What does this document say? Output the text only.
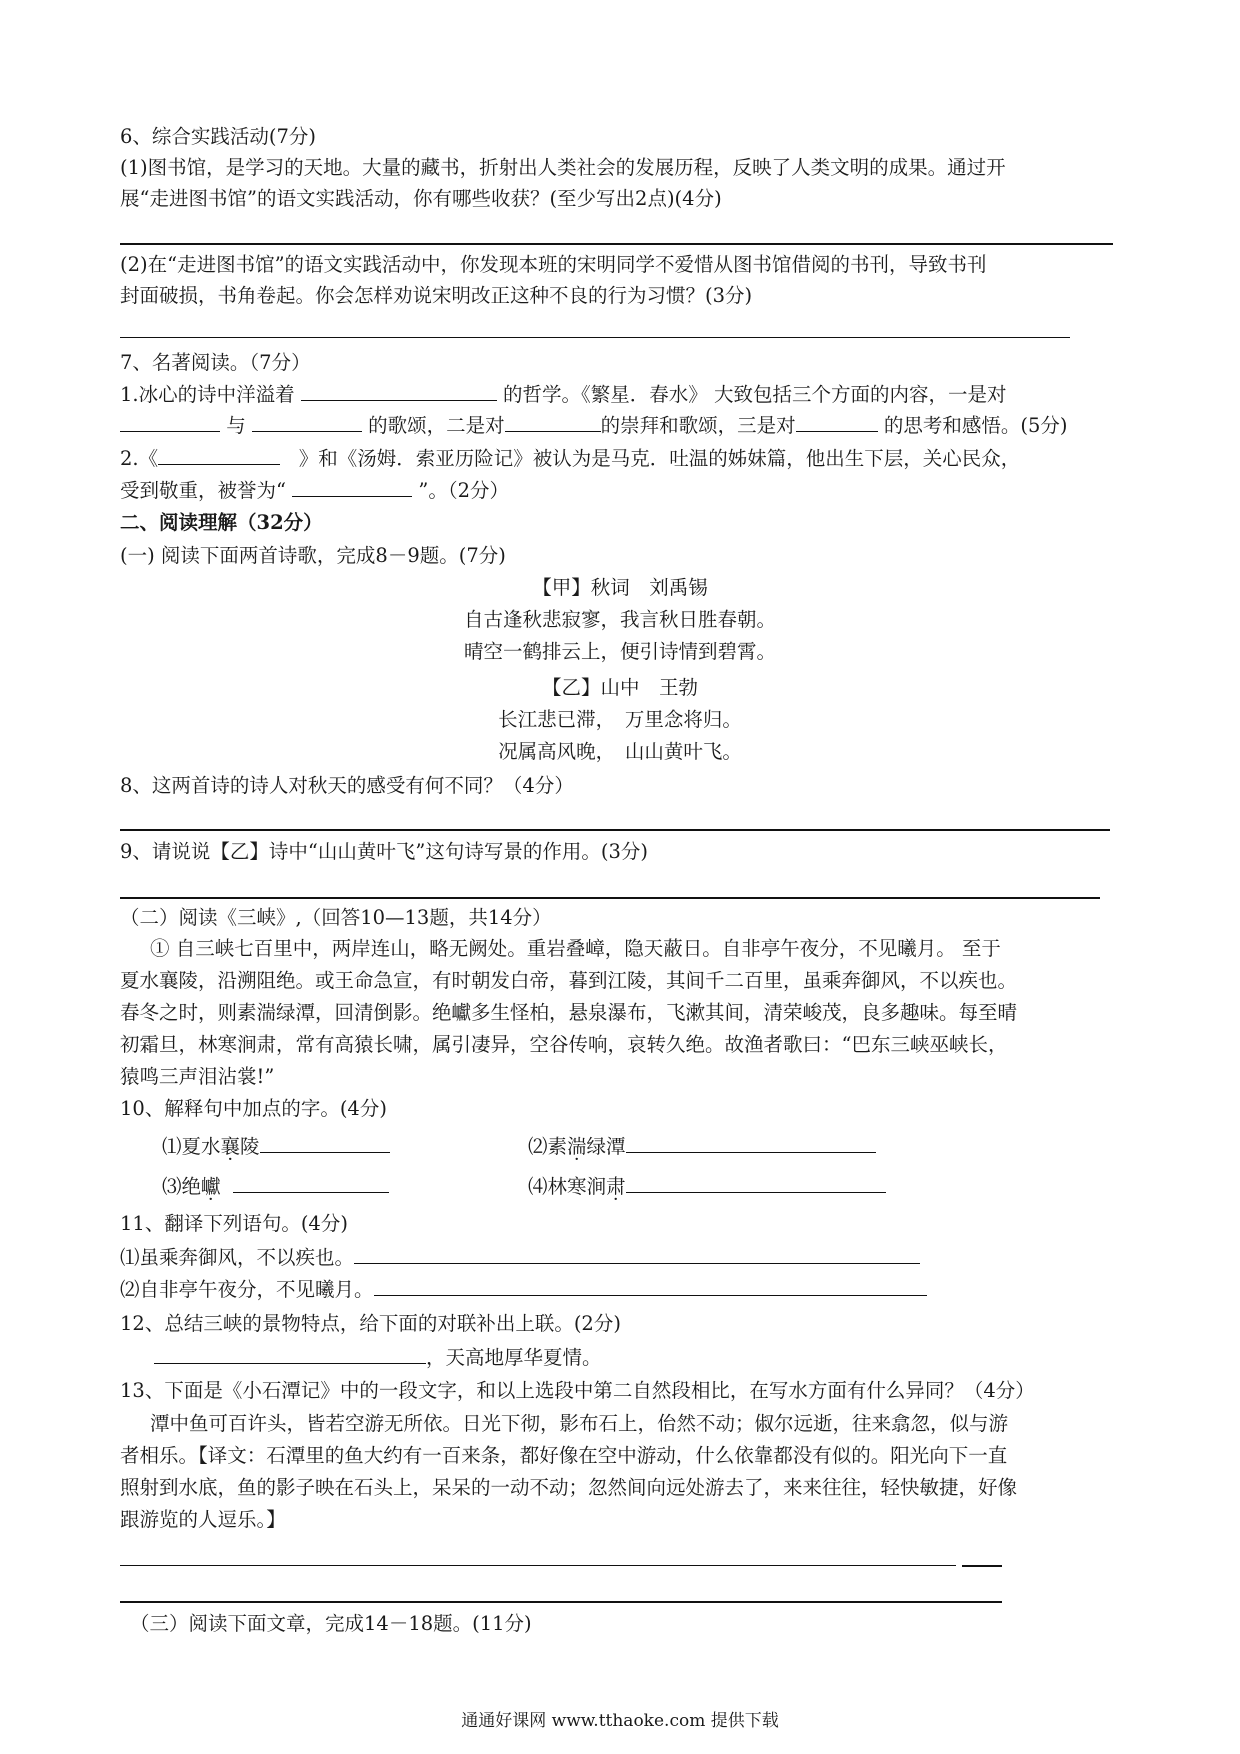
6、综合实践活动(7分)
(1)图书馆，是学习的天地。大量的藏书，折射出人类社会的发展历程，反映了人类文明的成果。通过开
展“走进图书馆”的语文实践活动，你有哪些收获？(至少写出2点)(4分)
(2)在“走进图书馆”的语文实践活动中，你发现本班的宋明同学不爱惜从图书馆借阅的书刊，导致书刊
封面破损，书角卷起。你会怎样劝说宋明改正这种不良的行为习惯？(3分)
7、名著阅读。（7分）
1.冰心的诗中洋溢着	的哲学。《繁星．春水》 大致包括三个方面的内容，一是对
与	的歌颂，二是对	的崇拜和歌颂，三是对	的思考和感悟。(5分)
2.《	》和《汤姆．索亚历险记》被认为是马克．吐温的姊妹篇，他出生下层，关心民众，
受到敬重，被誉为“	”。（2分）
二、阅读理解（32分）
(一) 阅读下面两首诗歌，完成8－9题。(7分)
【甲】秋词　刘禹锡
自古逢秋悲寂寥，我言秋日胜春朝。
晴空一鹤排云上，便引诗情到碧霄。
【乙】山中　王勃
长江悲已滞，　万里念将归。
况属高风晚，　山山黄叶飞。
8、这两首诗的诗人对秋天的感受有何不同？（4分）
9、请说说【乙】诗中“山山黄叶飞”这句诗写景的作用。(3分)
（二）阅读《三峡》,（回答10—13题，共14分）
① 自三峡七百里中，两岸连山，略无阙处。重岩叠嶂，隐天蔽日。自非亭午夜分，不见曦月。 至于
夏水襄陵，沿溯阻绝。或王命急宣，有时朝发白帝，暮到江陵，其间千二百里，虽乘奔御风，不以疾也。
春冬之时，则素湍绿潭，回清倒影。绝巘多生怪柏，悬泉瀑布，飞漱其间，清荣峻茂，良多趣味。每至晴
初霜旦，林寒涧肃，常有高猿长啸，属引凄异，空谷传响，哀转久绝。故渔者歌曰：“巴东三峡巫峡长，
猿鸣三声泪沾裳!”
10、解释句中加点的字。(4分)
⑴夏水襄陵	⑵素湍绿潭
⑶绝巘	⑷林寒涧肃
11、翻译下列语句。(4分)
⑴虽乘奔御风，不以疾也。
⑵自非亭午夜分，不见曦月。
12、总结三峡的景物特点，给下面的对联补出上联。(2分)
，天高地厚华夏情。
13、下面是《小石潭记》中的一段文字，和以上选段中第二自然段相比，在写水方面有什么异同？（4分）
潭中鱼可百许头，皆若空游无所依。日光下彻，影布石上，佁然不动；俶尔远逝，往来翕忽，似与游
者相乐。【译文：石潭里的鱼大约有一百来条，都好像在空中游动，什么依靠都没有似的。阳光向下一直
照射到水底，鱼的影子映在石头上，呆呆的一动不动；忽然间向远处游去了，来来往往，轻快敏捷，好像
跟游览的人逗乐。】
（三）阅读下面文章，完成14－18题。(11分)
通通好课网 www.tthaoke.com 提供下载
